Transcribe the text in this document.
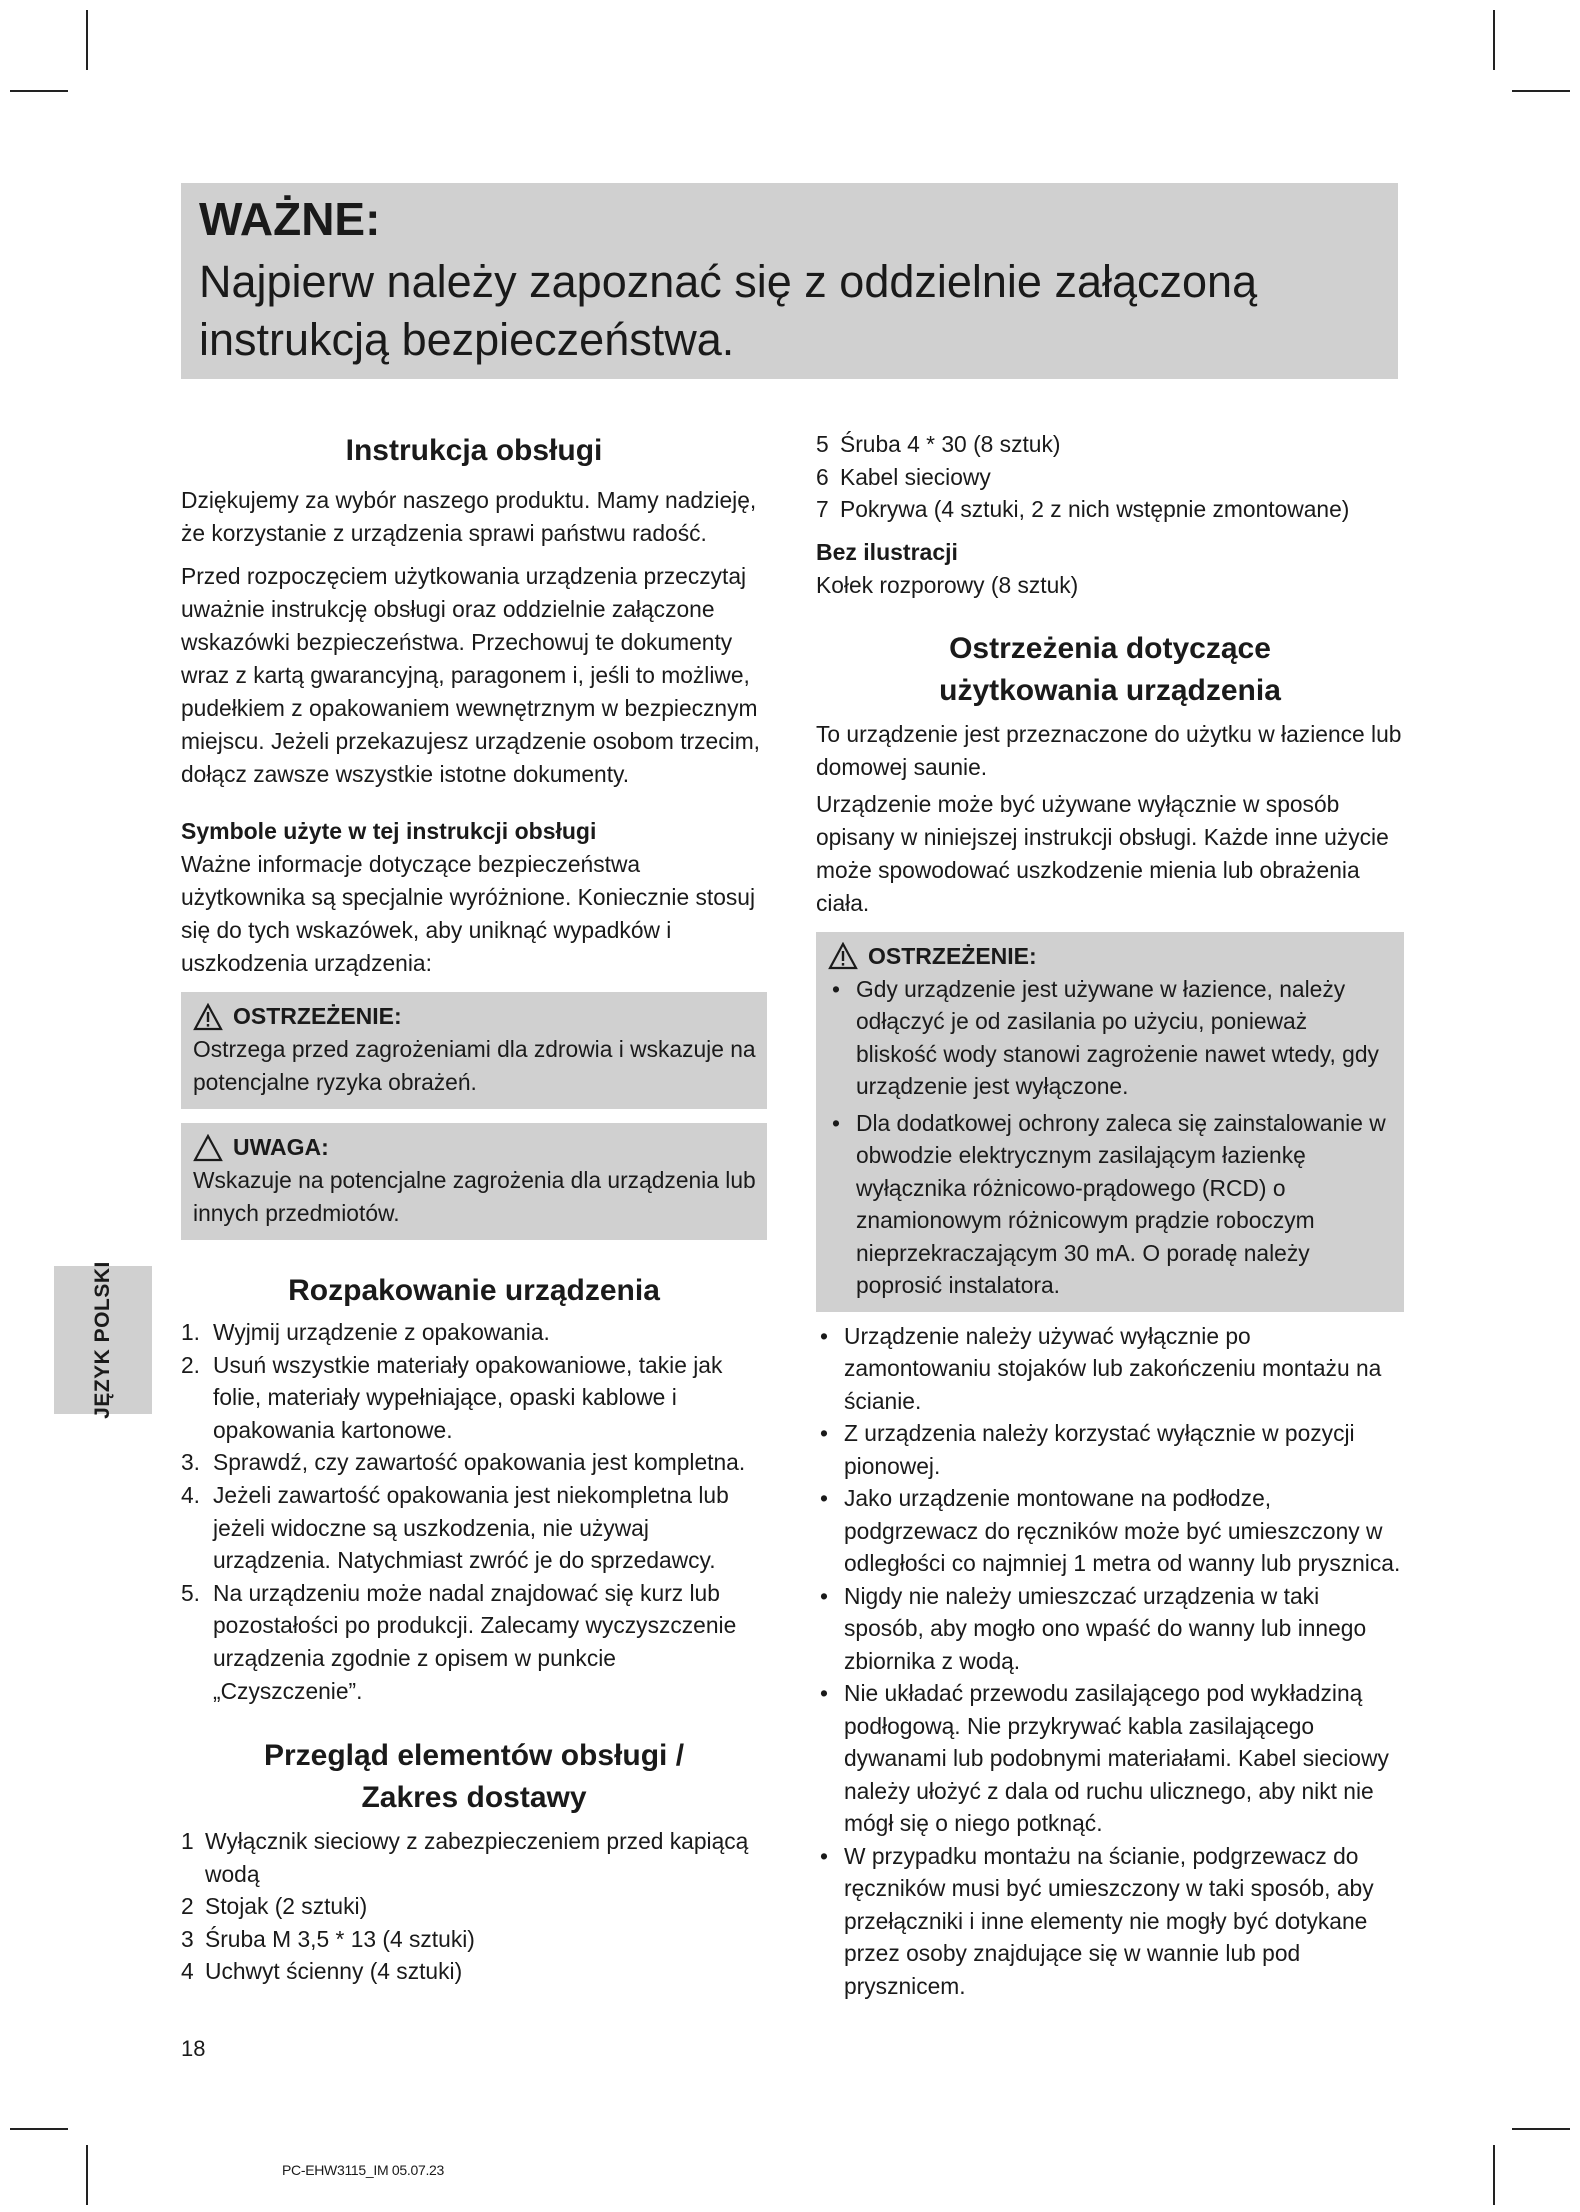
WAŻNE:
Najpierw należy zapoznać się z oddzielnie załączoną instrukcją bezpieczeństwa.
JĘZYK POLSKI
Instrukcja obsługi

Dziękujemy za wybór naszego produktu. Mamy nadzieję, że korzystanie z urządzenia sprawi państwu radość.

Przed rozpoczęciem użytkowania urządzenia przeczytaj uważnie instrukcję obsługi oraz oddzielnie załączone wskazówki bezpieczeństwa. Przechowuj te dokumenty wraz z kartą gwarancyjną, paragonem i, jeśli to możliwe, pudełkiem z opakowaniem wewnętrznym w bezpiecznym miejscu. Jeżeli przekazujesz urządzenie osobom trzecim, dołącz zawsze wszystkie istotne dokumenty.

Symbole użyte w tej instrukcji obsługi

Ważne informacje dotyczące bezpieczeństwa użytkownika są specjalnie wyróżnione. Koniecznie stosuj się do tych wskazówek, aby uniknąć wypadków i uszkodzenia urządzenia:

OSTRZEŻENIE:

Ostrzega przed zagrożeniami dla zdrowia i wskazuje na potencjalne ryzyka obrażeń.

UWAGA:

Wskazuje na potencjalne zagrożenia dla urządzenia lub innych przedmiotów.

Rozpakowanie urządzenia
1. Wyjmij urządzenie z opakowania.
2. Usuń wszystkie materiały opakowaniowe, takie jak folie, materiały wypełniające, opaski kablowe i opakowania kartonowe.
3. Sprawdź, czy zawartość opakowania jest kompletna.
4. Jeżeli zawartość opakowania jest niekompletna lub jeżeli widoczne są uszkodzenia, nie używaj urządzenia. Natychmiast zwróć je do sprzedawcy.
5. Na urządzeniu może nadal znajdować się kurz lub pozostałości po produkcji. Zalecamy wyczyszczenie urządzenia zgodnie z opisem w punkcie „Czyszczenie”.
Przegląd elementów obsługi /
Zakres dostawy
1 Wyłącznik sieciowy z zabezpieczeniem przed kapiącą wodą
2 Stojak (2 sztuki)
3 Śruba M 3,5 * 13 (4 sztuki)
4 Uchwyt ścienny (4 sztuki)
5 Śruba 4 * 30 (8 sztuk)
6 Kabel sieciowy
7 Pokrywa (4 sztuki, 2 z nich wstępnie zmontowane)
Bez ilustracji

Kołek rozporowy (8 sztuk)

Ostrzeżenia dotyczące
użytkowania urządzenia

To urządzenie jest przeznaczone do użytku w łazience lub domowej saunie.

Urządzenie może być używane wyłącznie w sposób opisany w niniejszej instrukcji obsługi. Każde inne użycie może spowodować uszkodzenie mienia lub obrażenia ciała.

OSTRZEŻENIE:
• Gdy urządzenie jest używane w łazience, należy odłączyć je od zasilania po użyciu, ponieważ bliskość wody stanowi zagrożenie nawet wtedy, gdy urządzenie jest wyłączone.
• Dla dodatkowej ochrony zaleca się zainstalowanie w obwodzie elektrycznym zasilającym łazienkę wyłącznika różnicowo-prądowego (RCD) o znamionowym różnicowym prądzie roboczym nieprzekraczającym 30 mA. O poradę należy poprosić instalatora.
• Urządzenie należy używać wyłącznie po zamontowaniu stojaków lub zakończeniu montażu na ścianie.
• Z urządzenia należy korzystać wyłącznie w pozycji pionowej.
• Jako urządzenie montowane na podłodze, podgrzewacz do ręczników może być umieszczony w odległości co najmniej 1 metra od wanny lub prysznica.
• Nigdy nie należy umieszczać urządzenia w taki sposób, aby mogło ono wpaść do wanny lub innego zbiornika z wodą.
• Nie układać przewodu zasilającego pod wykładziną podłogową. Nie przykrywać kabla zasilającego dywanami lub podobnymi materiałami. Kabel sieciowy należy ułożyć z dala od ruchu ulicznego, aby nikt nie mógł się o niego potknąć.
• W przypadku montażu na ścianie, podgrzewacz do ręczników musi być umieszczony w taki sposób, aby przełączniki i inne elementy nie mogły być dotykane przez osoby znajdujące się w wannie lub pod prysznicem.
18
PC-EHW3115_IM 05.07.23
